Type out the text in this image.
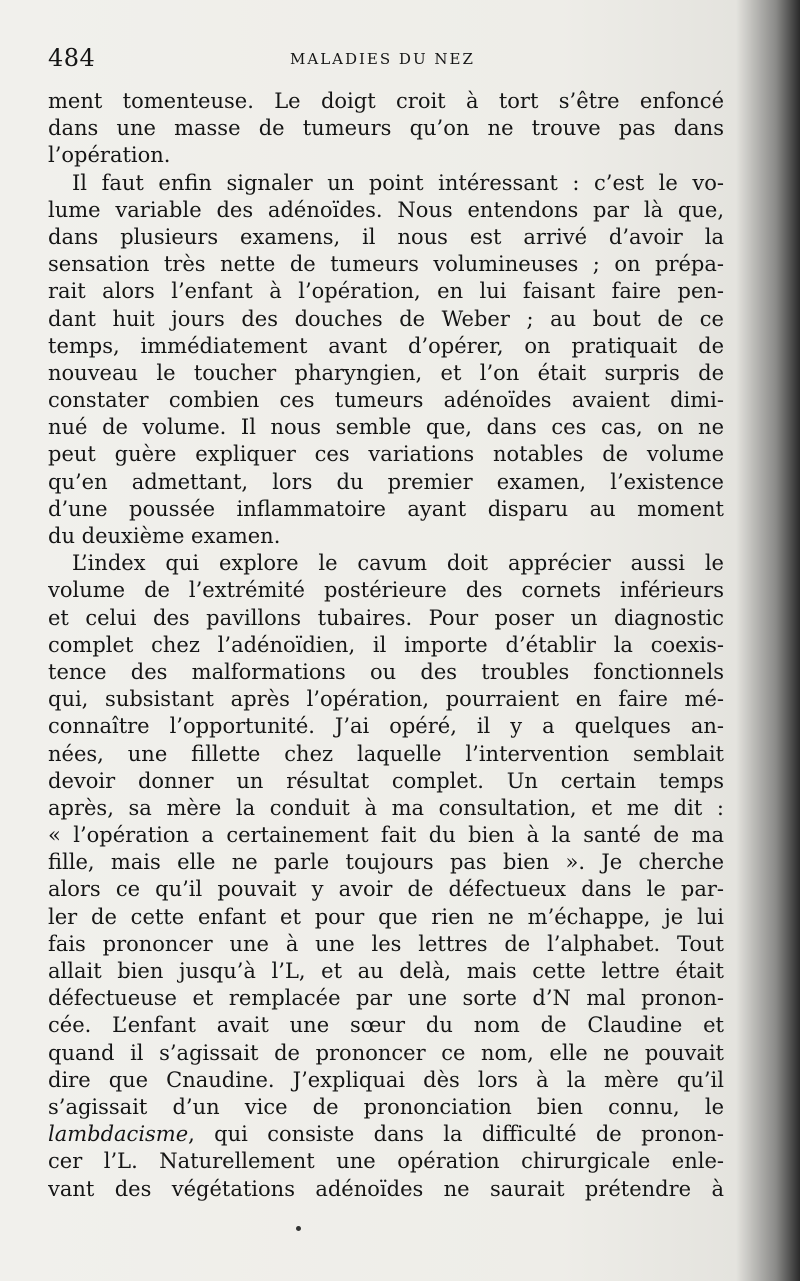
484	MALADIES DU NEZ
ment tomenteuse. Le doigt croit à tort s’être enfoncé
dans une masse de tumeurs qu’on ne trouve pas dans
l’opération.
Il faut enfin signaler un point intéressant : c’est le vo-
lume variable des adénoïdes. Nous entendons par là que,
dans plusieurs examens, il nous est arrivé d’avoir la
sensation très nette de tumeurs volumineuses ; on prépa-
rait alors l’enfant à l’opération, en lui faisant faire pen-
dant huit jours des douches de Weber ; au bout de ce
temps, immédiatement avant d’opérer, on pratiquait de
nouveau le toucher pharyngien, et l’on était surpris de
constater combien ces tumeurs adénoïdes avaient dimi-
nué de volume. Il nous semble que, dans ces cas, on ne
peut guère expliquer ces variations notables de volume
qu’en admettant, lors du premier examen, l’existence
d’une poussée inflammatoire ayant disparu au moment
du deuxième examen.
L’index qui explore le cavum doit apprécier aussi le
volume de l’extrémité postérieure des cornets inférieurs
et celui des pavillons tubaires. Pour poser un diagnostic
complet chez l’adénoïdien, il importe d’établir la coexis-
tence des malformations ou des troubles fonctionnels
qui, subsistant après l’opération, pourraient en faire mé-
connaître l’opportunité. J’ai opéré, il y a quelques an-
nées, une fillette chez laquelle l’intervention semblait
devoir donner un résultat complet. Un certain temps
après, sa mère la conduit à ma consultation, et me dit :
« l’opération a certainement fait du bien à la santé de ma
fille, mais elle ne parle toujours pas bien ». Je cherche
alors ce qu’il pouvait y avoir de défectueux dans le par-
ler de cette enfant et pour que rien ne m’échappe, je lui
fais prononcer une à une les lettres de l’alphabet. Tout
allait bien jusqu’à l’L, et au delà, mais cette lettre était
défectueuse et remplacée par une sorte d’N mal pronon-
cée. L’enfant avait une sœur du nom de Claudine et
quand il s’agissait de prononcer ce nom, elle ne pouvait
dire que Cnaudine. J’expliquai dès lors à la mère qu’il
s’agissait d’un vice de prononciation bien connu, le
lambdacisme, qui consiste dans la difficulté de pronon-
cer l’L. Naturellement une opération chirurgicale enle-
vant des végétations adénoïdes ne saurait prétendre à
